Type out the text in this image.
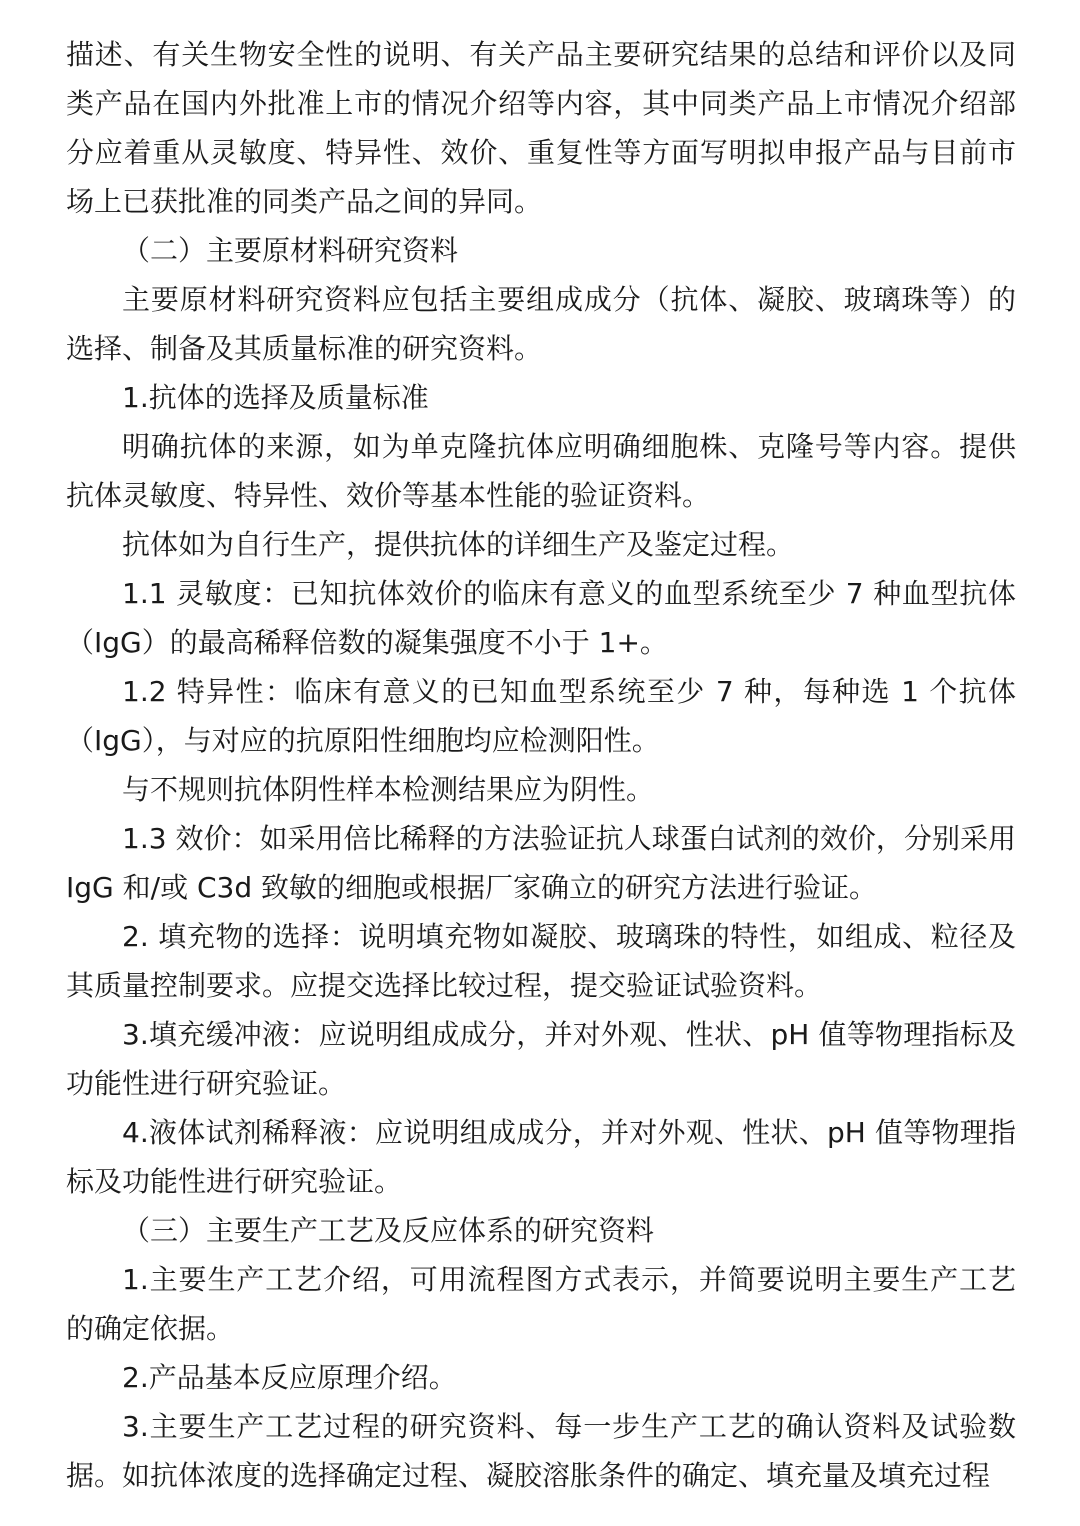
描述、有关生物安全性的说明、有关产品主要研究结果的总结和评价以及同类产品在国内外批准上市的情况介绍等内容，其中同类产品上市情况介绍部分应着重从灵敏度、特异性、效价、重复性等方面写明拟申报产品与目前市场上已获批准的同类产品之间的异同。

（二）主要原材料研究资料

主要原材料研究资料应包括主要组成成分（抗体、凝胶、玻璃珠等）的选择、制备及其质量标准的研究资料。

1.抗体的选择及质量标准

明确抗体的来源，如为单克隆抗体应明确细胞株、克隆号等内容。提供抗体灵敏度、特异性、效价等基本性能的验证资料。

抗体如为自行生产，提供抗体的详细生产及鉴定过程。

1.1 灵敏度：已知抗体效价的临床有意义的血型系统至少 7 种血型抗体（IgG）的最高稀释倍数的凝集强度不小于 1+。

1.2 特异性：临床有意义的已知血型系统至少 7 种，每种选 1 个抗体（IgG），与对应的抗原阳性细胞均应检测阳性。

与不规则抗体阴性样本检测结果应为阴性。

1.3 效价：如采用倍比稀释的方法验证抗人球蛋白试剂的效价，分别采用 IgG 和/或 C3d 致敏的细胞或根据厂家确立的研究方法进行验证。

2. 填充物的选择：说明填充物如凝胶、玻璃珠的特性，如组成、粒径及其质量控制要求。应提交选择比较过程，提交验证试验资料。

3.填充缓冲液：应说明组成成分，并对外观、性状、pH 值等物理指标及功能性进行研究验证。

4.液体试剂稀释液：应说明组成成分，并对外观、性状、pH 值等物理指标及功能性进行研究验证。

（三）主要生产工艺及反应体系的研究资料

1.主要生产工艺介绍，可用流程图方式表示，并简要说明主要生产工艺的确定依据。

2.产品基本反应原理介绍。

3.主要生产工艺过程的研究资料、每一步生产工艺的确认资料及试验数据。如抗体浓度的选择确定过程、凝胶溶胀条件的确定、填充量及填充过程
